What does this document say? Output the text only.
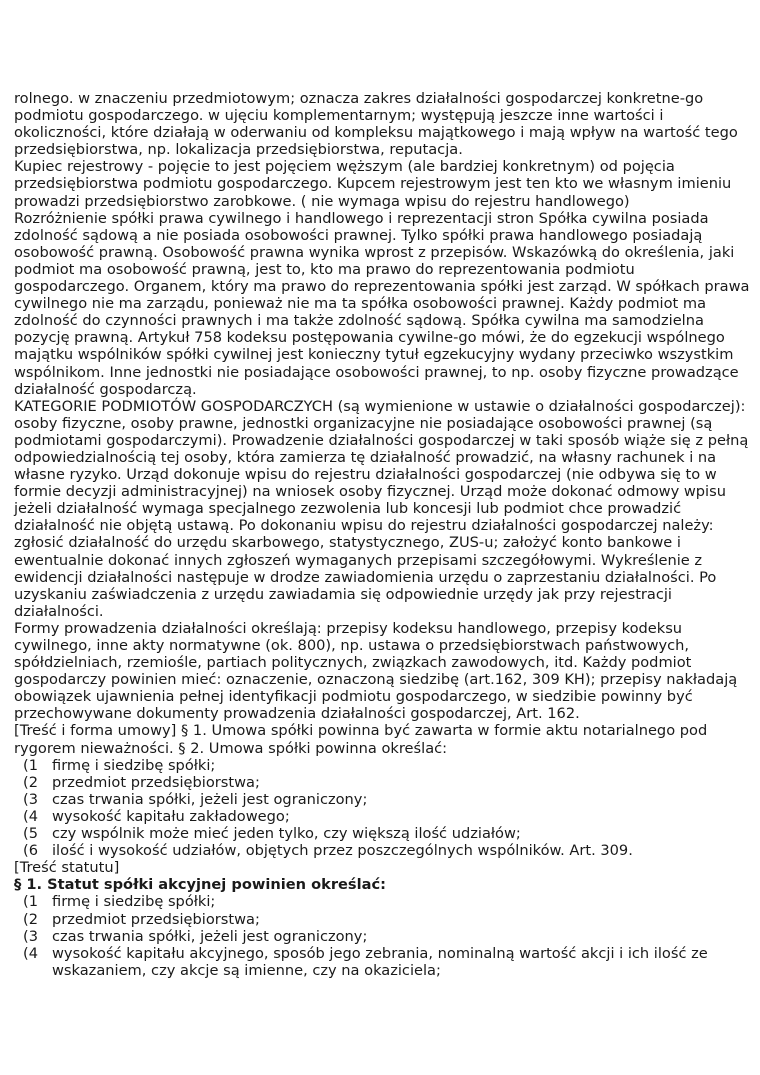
rolnego. w znaczeniu przedmiotowym; oznacza zakres działalności gospodarczej konkretne-go podmiotu gospodarczego. w ujęciu komplementarnym; występują jeszcze inne wartości i okoliczności, które działają w oderwaniu od kompleksu majątkowego i mają wpływ na wartość tego przedsiębiorstwa, np. lokalizacja przedsiębiorstwa, reputacja.

Kupiec rejestrowy - pojęcie to jest pojęciem węższym (ale bardziej konkretnym) od pojęcia przedsiębiorstwa podmiotu gospodarczego. Kupcem rejestrowym jest ten kto we własnym imieniu prowadzi przedsiębiorstwo zarobkowe. ( nie wymaga wpisu do rejestru handlowego)

Rozróżnienie spółki prawa cywilnego i handlowego i reprezentacji stron Spółka cywilna posiada zdolność sądową a nie posiada osobowości prawnej. Tylko spółki prawa handlowego posiadają osobowość prawną. Osobowość prawna wynika wprost z przepisów. Wskazówką do określenia, jaki podmiot ma osobowość prawną, jest to, kto ma prawo do reprezentowania podmiotu gospodarczego. Organem, który ma prawo do reprezentowania spółki jest zarząd. W spółkach prawa cywilnego nie ma zarządu, ponieważ nie ma ta spółka osobowości prawnej. Każdy podmiot ma zdolność do czynności prawnych i ma także zdolność sądową. Spółka cywilna ma samodzielna pozycję prawną. Artykuł 758 kodeksu postępowania cywilne-go mówi, że do egzekucji wspólnego majątku wspólników spółki cywilnej jest konieczny tytuł egzekucyjny wydany przeciwko wszystkim wspólnikom. Inne jednostki nie posiadające osobowości prawnej, to np. osoby fizyczne prowadzące działalność gospodarczą.

KATEGORIE PODMIOTÓW GOSPODARCZYCH (są wymienione w ustawie o działalności gospodarczej): osoby fizyczne, osoby prawne, jednostki organizacyjne nie posiadające osobowości prawnej (są podmiotami gospodarczymi). Prowadzenie działalności gospodarczej w taki sposób wiąże się z pełną odpowiedzialnością tej osoby, która zamierza tę działalność prowadzić, na własny rachunek i na własne ryzyko. Urząd dokonuje wpisu do rejestru działalności gospodarczej (nie odbywa się to w formie decyzji administracyjnej) na wniosek osoby fizycznej. Urząd może dokonać odmowy wpisu jeżeli działalność wymaga specjalnego zezwolenia lub koncesji lub podmiot chce prowadzić działalność nie objętą ustawą. Po dokonaniu wpisu do rejestru działalności gospodarczej należy: zgłosić działalność do urzędu skarbowego, statystycznego, ZUS-u; założyć konto bankowe i ewentualnie dokonać innych zgłoszeń wymaganych przepisami szczegółowymi. Wykreślenie z ewidencji działalności następuje w drodze zawiadomienia urzędu o zaprzestaniu działalności. Po uzyskaniu zaświadczenia z urzędu zawiadamia się odpowiednie urzędy jak przy rejestracji działalności.

Formy prowadzenia działalności określają: przepisy kodeksu handlowego, przepisy kodeksu cywilnego, inne akty normatywne (ok. 800), np. ustawa o przedsiębiorstwach państwowych, spółdzielniach, rzemiośle, partiach politycznych, związkach zawodowych, itd. Każdy podmiot gospodarczy powinien mieć: oznaczenie, oznaczoną siedzibę (art.162, 309 KH); przepisy nakładają obowiązek ujawnienia pełnej identyfikacji podmiotu gospodarczego, w siedzibie powinny być przechowywane dokumenty prowadzenia działalności gospodarczej, Art. 162.

[Treść i forma umowy] § 1. Umowa spółki powinna być zawarta w formie aktu notarialnego pod rygorem nieważności. § 2. Umowa spółki powinna określać:

1) firmę i siedzibę spółki;
2) przedmiot przedsiębiorstwa;
3) czas trwania spółki, jeżeli jest ograniczony;
4) wysokość kapitału zakładowego;
5) czy wspólnik może mieć jeden tylko, czy większą ilość udziałów;
6) ilość i wysokość udziałów, objętych przez poszczególnych wspólników. Art. 309.

[Treść statutu]

§ 1. Statut spółki akcyjnej powinien określać:

1) firmę i siedzibę spółki;
2) przedmiot przedsiębiorstwa;
3) czas trwania spółki, jeżeli jest ograniczony;
4) wysokość kapitału akcyjnego, sposób jego zebrania, nominalną wartość akcji i ich ilość ze wskazaniem, czy akcje są imienne, czy na okaziciela;
